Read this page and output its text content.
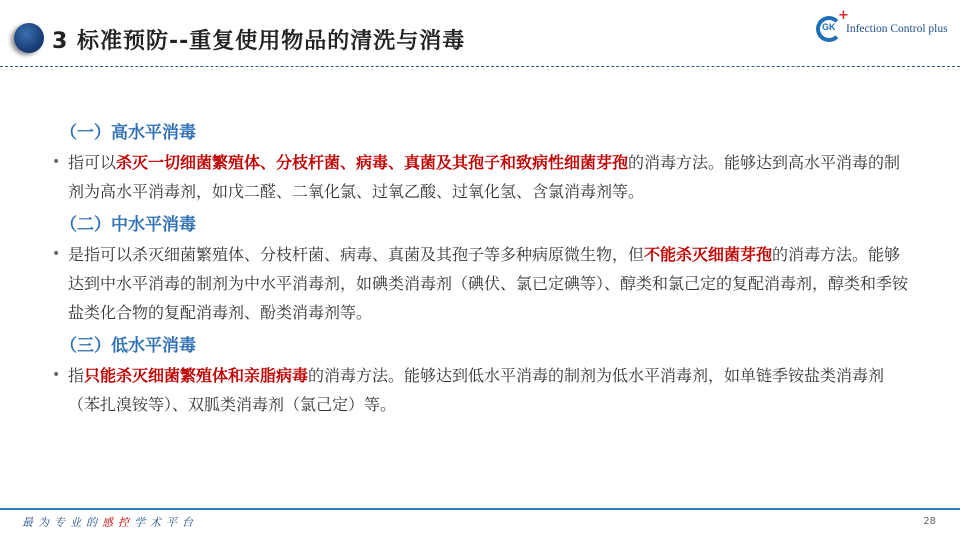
3 标准预防--重复使用物品的清洗与消毒
GK
+
Infection Control plus
（一）高水平消毒
• 指可以杀灭一切细菌繁殖体、分枝杆菌、病毒、真菌及其孢子和致病性细菌芽孢的消毒方法。能够达到高水平消毒的制剂为高水平消毒剂，如戊二醛、二氧化氯、过氧乙酸、过氧化氢、含氯消毒剂等。
（二）中水平消毒
• 是指可以杀灭细菌繁殖体、分枝杆菌、病毒、真菌及其孢子等多种病原微生物，但不能杀灭细菌芽孢的消毒方法。能够达到中水平消毒的制剂为中水平消毒剂，如碘类消毒剂（碘伏、氯已定碘等）、醇类和氯己定的复配消毒剂，醇类和季铵盐类化合物的复配消毒剂、酚类消毒剂等。
（三）低水平消毒
• 指只能杀灭细菌繁殖体和亲脂病毒的消毒方法。能够达到低水平消毒的制剂为低水平消毒剂，如单链季铵盐类消毒剂（苯扎溴铵等）、双胍类消毒剂（氯己定）等。
最为专业的感控学术平台	28
